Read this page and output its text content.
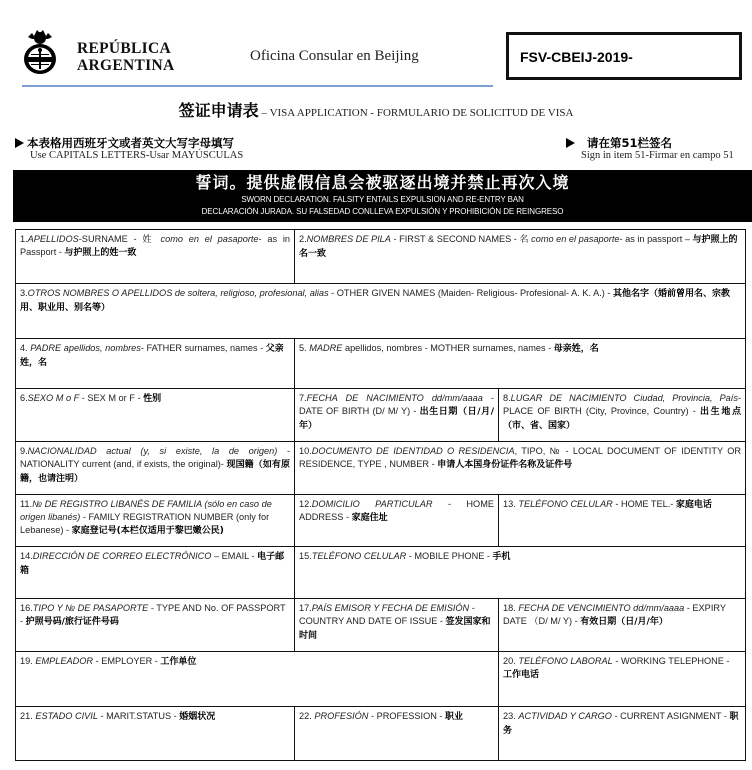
REPÚBLICA
ARGENTINA
Oficina Consular en Beijing	FSV-CBEIJ-2019-
签证申请表 – VISA APPLICATION - FORMULARIO DE SOLICITUD DE VISA
本表格用西班牙文或者英文大写字母填写
Use CAPITALS LETTERS-Usar MAYÚSCULAS
请在第51栏签名
Sign in item 51-Firmar en campo 51
誓词。提供虚假信息会被驱逐出境并禁止再次入境
SWORN DECLARATION. FALSITY ENTAILS EXPULSION AND RE-ENTRY BAN
DECLARACIÓN JURADA. SU FALSEDAD CONLLEVA EXPULSIÓN Y PROHIBICIÓN DE REINGRESO
1.APELLIDOS-SURNAME - 姓 como en el pasaporte- as in Passport - 与护照上的姓一致
2.NOMBRES DE PILA - FIRST & SECOND NAMES - 名 como en el pasaporte- as in passport – 与护照上的名一致
3.OTROS NOMBRES O APELLIDOS de soltera, religioso, profesional, alias - OTHER GIVEN NAMES (Maiden- Religious- Profesional- A. K. A.) - 其他名字（婚前曾用名、宗教用、职业用、别名等）
4. PADRE apellidos, nombres- FATHER surnames, names - 父亲姓，名
5. MADRE apellidos, nombres - MOTHER surnames, names - 母亲姓，名
6.SEXO M o F - SEX M or F - 性别	7.FECHA DE NACIMIENTO dd/mm/aaaa - DATE OF BIRTH (D/ M/ Y) - 出生日期（日/月/年）
8.LUGAR DE NACIMIENTO Ciudad, Provincia, País- PLACE OF BIRTH (City, Province, Country) - 出生地点（市、省、国家）
9.NACIONALIDAD actual (y, si existe, la de origen) - NATIONALITY current (and, if exists, the original)- 现国籍（如有原籍，也请注明）
10.DOCUMENTO DE IDENTIDAD O RESIDENCIA, TIPO, № - LOCAL DOCUMENT OF IDENTITY OR RESIDENCE, TYPE , NUMBER - 申请人本国身份证件名称及证件号
11.№ DE REGISTRO LIBANÉS DE FAMILIA (sólo en caso de origen libanés) - FAMILY REGISTRATION NUMBER (only for Lebanese) - 家庭登记号(本栏仅适用于黎巴嫩公民)
12.DOMICILIO PARTICULAR - HOME ADDRESS - 家庭住址
13. TELÉFONO CELULAR - HOME TEL.- 家庭电话
14.DIRECCIÓN DE CORREO ELECTRÓNICO – EMAIL - 电子邮箱
15.TELÉFONO CELULAR - MOBILE PHONE - 手机
16.TIPO Y № DE PASAPORTE - TYPE AND No. OF PASSPORT - 护照号码/旅行证件号码
17.PAÍS EMISOR Y FECHA DE EMISIÓN - COUNTRY AND DATE OF ISSUE - 签发国家和时间
18. FECHA DE VENCIMIENTO dd/mm/aaaa - EXPIRY DATE （D/ M/ Y) - 有效日期（日/月/年）
19. EMPLEADOR - EMPLOYER - 工作单位	20. TELÉFONO LABORAL - WORKING TELEPHONE - 工作电话
21. ESTADO CIVIL - MARIT.STATUS - 婚姻状况	22. PROFESIÓN - PROFESSION - 职业	23. ACTIVIDAD Y CARGO - CURRENT ASIGNMENT - 职务
